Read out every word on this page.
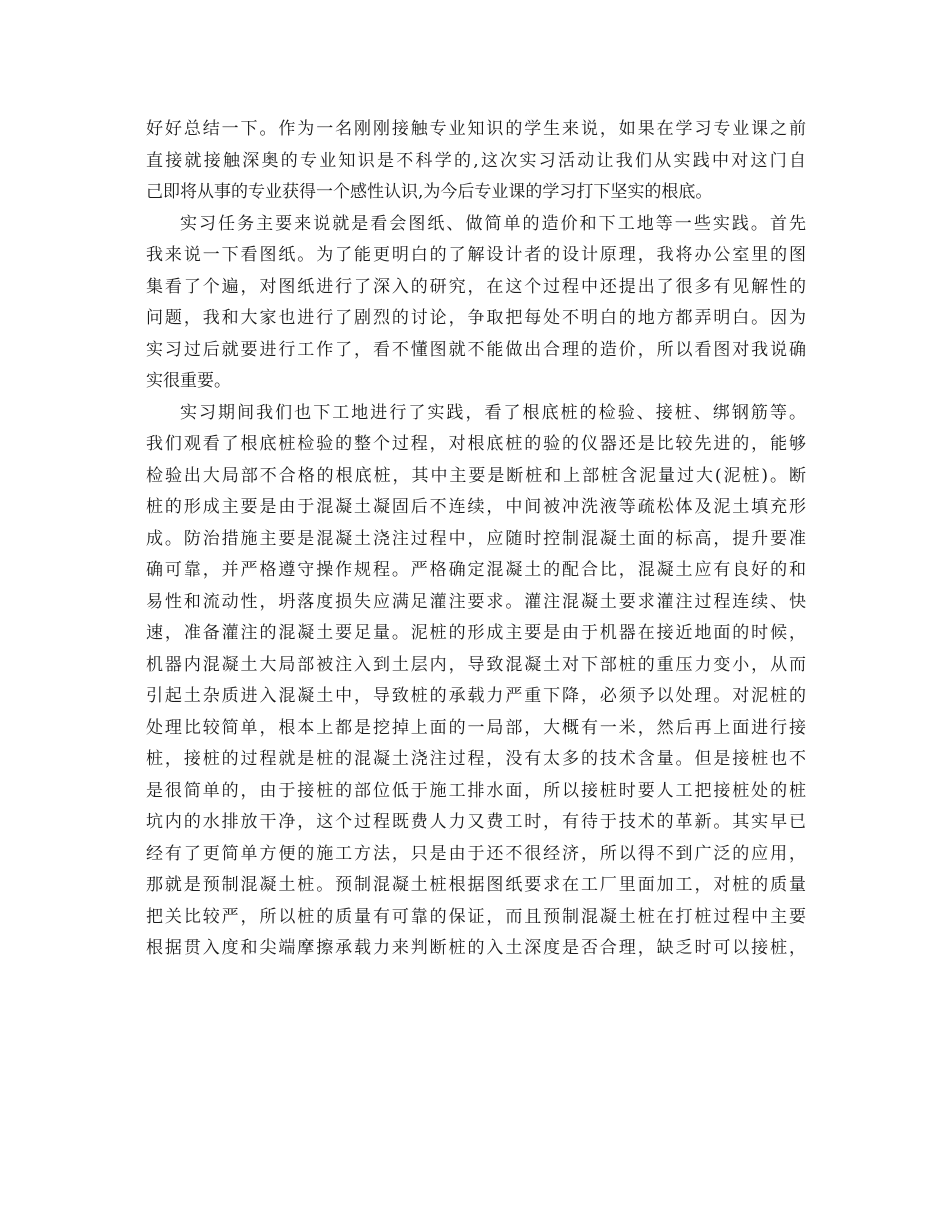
好好总结一下。作为一名刚刚接触专业知识的学生来说，如果在学习专业课之前
直接就接触深奥的专业知识是不科学的,这次实习活动让我们从实践中对这门自
己即将从事的专业获得一个感性认识,为今后专业课的学习打下坚实的根底。
实习任务主要来说就是看会图纸、做简单的造价和下工地等一些实践。首先
我来说一下看图纸。为了能更明白的了解设计者的设计原理，我将办公室里的图
集看了个遍，对图纸进行了深入的研究，在这个过程中还提出了很多有见解性的
问题，我和大家也进行了剧烈的讨论，争取把每处不明白的地方都弄明白。因为
实习过后就要进行工作了，看不懂图就不能做出合理的造价，所以看图对我说确
实很重要。
实习期间我们也下工地进行了实践，看了根底桩的检验、接桩、绑钢筋等。
我们观看了根底桩检验的整个过程，对根底桩的验的仪器还是比较先进的，能够
检验出大局部不合格的根底桩，其中主要是断桩和上部桩含泥量过大(泥桩)。断
桩的形成主要是由于混凝土凝固后不连续，中间被冲洗液等疏松体及泥土填充形
成。防治措施主要是混凝土浇注过程中，应随时控制混凝土面的标高，提升要准
确可靠，并严格遵守操作规程。严格确定混凝土的配合比，混凝土应有良好的和
易性和流动性，坍落度损失应满足灌注要求。灌注混凝土要求灌注过程连续、快
速，准备灌注的混凝土要足量。泥桩的形成主要是由于机器在接近地面的时候，
机器内混凝土大局部被注入到土层内，导致混凝土对下部桩的重压力变小，从而
引起土杂质进入混凝土中，导致桩的承载力严重下降，必须予以处理。对泥桩的
处理比较简单，根本上都是挖掉上面的一局部，大概有一米，然后再上面进行接
桩，接桩的过程就是桩的混凝土浇注过程，没有太多的技术含量。但是接桩也不
是很简单的，由于接桩的部位低于施工排水面，所以接桩时要人工把接桩处的桩
坑内的水排放干净，这个过程既费人力又费工时，有待于技术的革新。其实早已
经有了更简单方便的施工方法，只是由于还不很经济，所以得不到广泛的应用，
那就是预制混凝土桩。预制混凝土桩根据图纸要求在工厂里面加工，对桩的质量
把关比较严，所以桩的质量有可靠的保证，而且预制混凝土桩在打桩过程中主要
根据贯入度和尖端摩擦承载力来判断桩的入土深度是否合理，缺乏时可以接桩，
